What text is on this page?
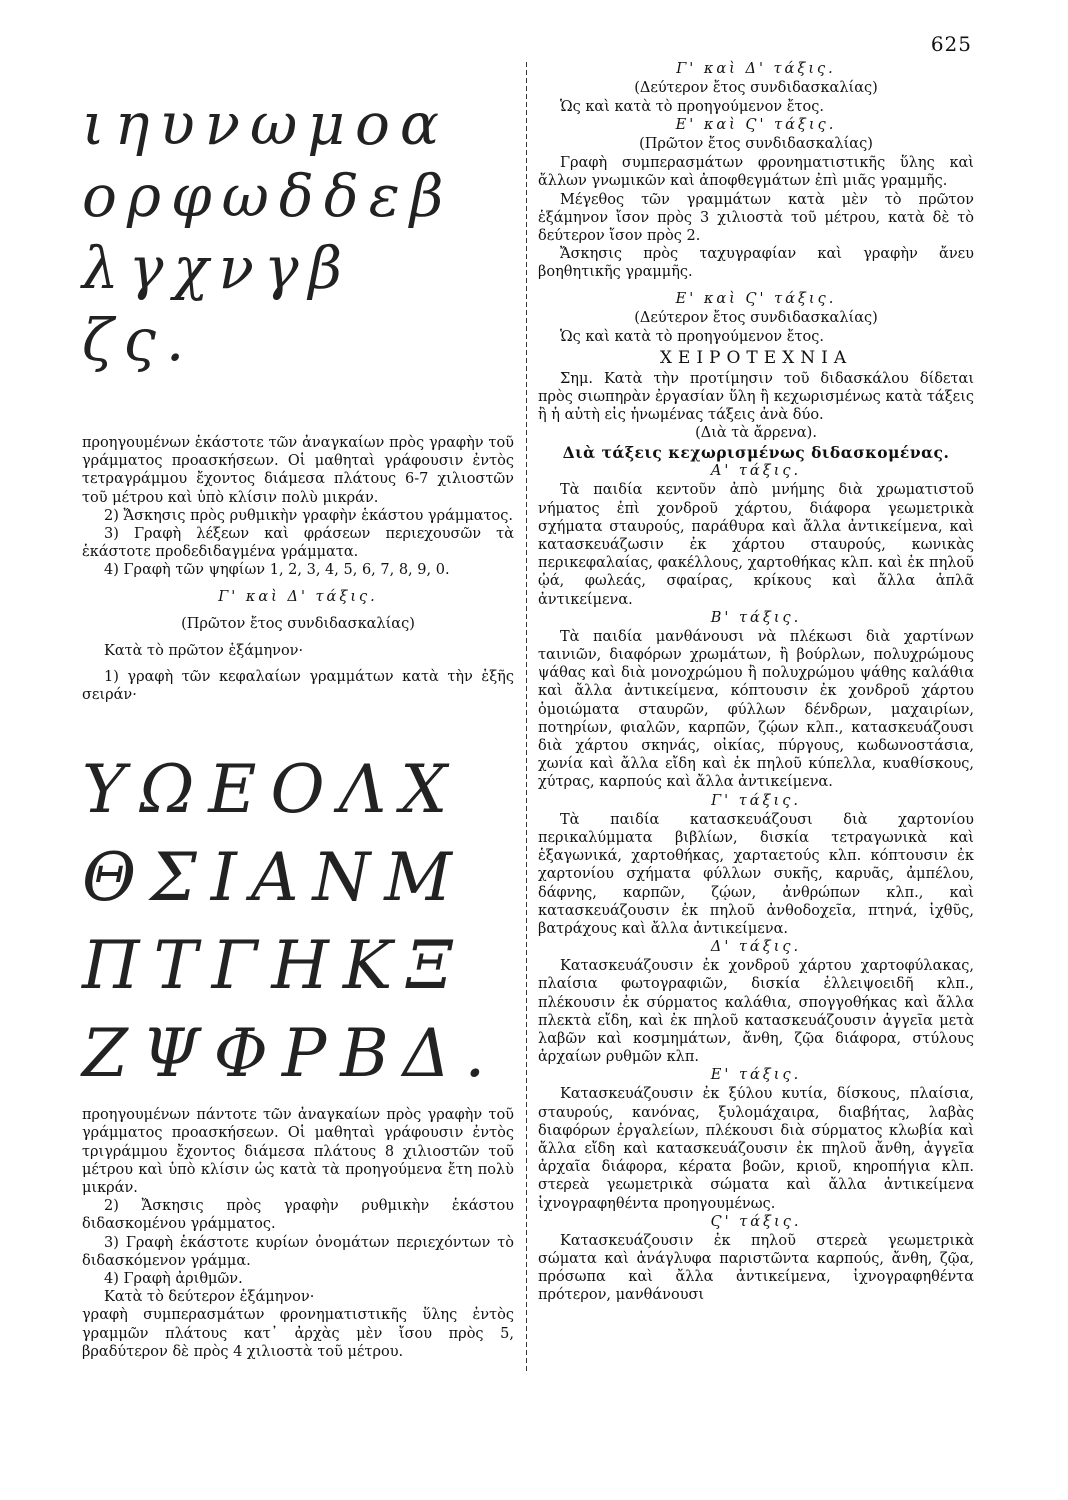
625
ιηυνωμοα
ορφωδδεβ
λγχνγβ
ζς.

προηγουμένων ἑκάστοτε τῶν ἀναγκαίων πρὸς γραφὴν τοῦ γράμματος προασκήσεων. Οἱ μαθηταὶ γράφουσιν ἐντὸς τετραγράμμου ἔχοντος διάμεσα πλάτους 6-7 χιλιοστῶν τοῦ μέτρου καὶ ὑπὸ κλίσιν πολὺ μικράν.

2) Ἄσκησις πρὸς ρυθμικὴν γραφὴν ἑκάστου γράμματος.

3) Γραφὴ λέξεων καὶ φράσεων περιεχουσῶν τὰ ἑκάστοτε προδεδιδαγμένα γράμματα.

4) Γραφὴ τῶν ψηφίων 1, 2, 3, 4, 5, 6, 7, 8, 9, 0.

Γ' καὶ Δ' τάξις.

(Πρῶτον ἔτος συνδιδασκαλίας)

Κατὰ τὸ πρῶτον ἑξάμηνον·

1) γραφὴ τῶν κεφαλαίων γραμμάτων κατὰ τὴν ἑξῆς σειράν·

ΥΩΕΟΛΧ
ΘΣΙΑΝΜ
ΠΤΓΗΚΞ
ΖΨΦΡΒΔ.

προηγουμένων πάντοτε τῶν ἀναγκαίων πρὸς γραφὴν τοῦ γράμματος προασκήσεων. Οἱ μαθηταὶ γράφουσιν ἐντὸς τριγράμμου ἔχοντος διάμεσα πλάτους 8 χιλιοστῶν τοῦ μέτρου καὶ ὑπὸ κλίσιν ὡς κατὰ τὰ προηγούμενα ἔτη πολὺ μικράν.

2) Ἄσκησις πρὸς γραφὴν ρυθμικὴν ἑκάστου διδασκομένου γράμματος.

3) Γραφὴ ἑκάστοτε κυρίων ὀνομάτων περιεχόντων τὸ διδασκόμενον γράμμα.

4) Γραφὴ ἀριθμῶν.

Κατὰ τὸ δεύτερον ἑξάμηνον·

γραφὴ συμπερασμάτων φρονηματιστικῆς ὕλης ἐντὸς γραμμῶν πλάτους κατ᾿ ἀρχὰς μὲν ἴσου πρὸς 5, βραδύτερον δὲ πρὸς 4 χιλιοστὰ τοῦ μέτρου.

Γ' καὶ Δ' τάξις.

(Δεύτερον ἔτος συνδιδασκαλίας)

Ὡς καὶ κατὰ τὸ προηγούμενον ἔτος.

Ε' καὶ Ϛ' τάξις.

(Πρῶτον ἔτος συνδιδασκαλίας)

Γραφὴ συμπερασμάτων φρονηματιστικῆς ὕλης καὶ ἄλλων γνωμικῶν καὶ ἀποφθεγμάτων ἐπὶ μιᾶς γραμμῆς.

Μέγεθος τῶν γραμμάτων κατὰ μὲν τὸ πρῶτον ἑξάμηνον ἴσον πρὸς 3 χιλιοστὰ τοῦ μέτρου, κατὰ δὲ τὸ δεύτερον ἴσον πρὸς 2.

Ἄσκησις πρὸς ταχυγραφίαν καὶ γραφὴν ἄνευ βοηθητικῆς γραμμῆς.

Ε' καὶ Ϛ' τάξις.

(Δεύτερον ἔτος συνδιδασκαλίας)

Ὡς καὶ κατὰ τὸ προηγούμενον ἔτος.

ΧΕΙΡΟΤΕΧΝΙΑ

Σημ. Κατὰ τὴν προτίμησιν τοῦ διδασκάλου δίδεται πρὸς σιωπηρὰν ἐργασίαν ὕλη ἢ κεχωρισμένως κατὰ τάξεις ἢ ἡ αὐτὴ εἰς ἡνωμένας τάξεις ἀνὰ δύο.

(Διὰ τὰ ἄρρενα).

Διὰ τάξεις κεχωρισμένως διδασκομένας.

Α' τάξις.

Τὰ παιδία κεντοῦν ἀπὸ μνήμης διὰ χρωματιστοῦ νήματος ἐπὶ χονδροῦ χάρτου, διάφορα γεωμετρικὰ σχήματα σταυρούς, παράθυρα καὶ ἄλλα ἀντικείμενα, καὶ κατασκευάζωσιν ἐκ χάρτου σταυρούς, κωνικὰς περικεφαλαίας, φακέλλους, χαρτοθήκας κλπ. καὶ ἐκ πηλοῦ ᾠά, φωλεάς, σφαίρας, κρίκους καὶ ἄλλα ἁπλᾶ ἀντικείμενα.

Β' τάξις.

Τὰ παιδία μανθάνουσι νὰ πλέκωσι διὰ χαρτίνων ταινιῶν, διαφόρων χρωμάτων, ἢ βούρλων, πολυχρώμους ψάθας καὶ διὰ μονοχρώμου ἢ πολυχρώμου ψάθης καλάθια καὶ ἄλλα ἀντικείμενα, κόπτουσιν ἐκ χονδροῦ χάρτου ὁμοιώματα σταυρῶν, φύλλων δένδρων, μαχαιρίων, ποτηρίων, φιαλῶν, καρπῶν, ζῴων κλπ., κατασκευάζουσι διὰ χάρτου σκηνάς, οἰκίας, πύργους, κωδωνοστάσια, χωνία καὶ ἄλλα εἴδη καὶ ἐκ πηλοῦ κύπελλα, κυαθίσκους, χύτρας, καρπούς καὶ ἄλλα ἀντικείμενα.

Γ' τάξις.

Τὰ παιδία κατασκευάζουσι διὰ χαρτονίου περικαλύμματα βιβλίων, δισκία τετραγωνικὰ καὶ ἑξαγωνικά, χαρτοθήκας, χαρταετούς κλπ. κόπτουσιν ἐκ χαρτονίου σχήματα φύλλων συκῆς, καρυᾶς, ἀμπέλου, δάφνης, καρπῶν, ζῴων, ἀνθρώπων κλπ., καὶ κατασκευάζουσιν ἐκ πηλοῦ ἀνθοδοχεῖα, πτηνά, ἰχθῦς, βατράχους καὶ ἄλλα ἀντικείμενα.

Δ' τάξις.

Κατασκευάζουσιν ἐκ χονδροῦ χάρτου χαρτοφύλακας, πλαίσια φωτογραφιῶν, δισκία ἐλλειψοειδῆ κλπ., πλέκουσιν ἐκ σύρματος καλάθια, σπογγοθήκας καὶ ἄλλα πλεκτὰ εἴδη, καὶ ἐκ πηλοῦ κατασκευάζουσιν ἀγγεῖα μετὰ λαβῶν καὶ κοσμημάτων, ἄνθη, ζῷα διάφορα, στύλους ἀρχαίων ρυθμῶν κλπ.

Ε' τάξις.

Κατασκευάζουσιν ἐκ ξύλου κυτία, δίσκους, πλαίσια, σταυρούς, κανόνας, ξυλομάχαιρα, διαβήτας, λαβὰς διαφόρων ἐργαλείων, πλέκουσι διὰ σύρματος κλωβία καὶ ἄλλα εἴδη καὶ κατασκευάζουσιν ἐκ πηλοῦ ἄνθη, ἀγγεῖα ἀρχαῖα διάφορα, κέρατα βοῶν, κριοῦ, κηροπήγια κλπ. στερεὰ γεωμετρικὰ σώματα καὶ ἄλλα ἀντικείμενα ἰχνογραφηθέντα προηγουμένως.

Ϛ' τάξις.

Κατασκευάζουσιν ἐκ πηλοῦ στερεὰ γεωμετρικὰ σώματα καὶ ἀνάγλυφα παριστῶντα καρπούς, ἄνθη, ζῷα, πρόσωπα καὶ ἄλλα ἀντικείμενα, ἰχνογραφηθέντα πρότερον, μανθάνουσι
